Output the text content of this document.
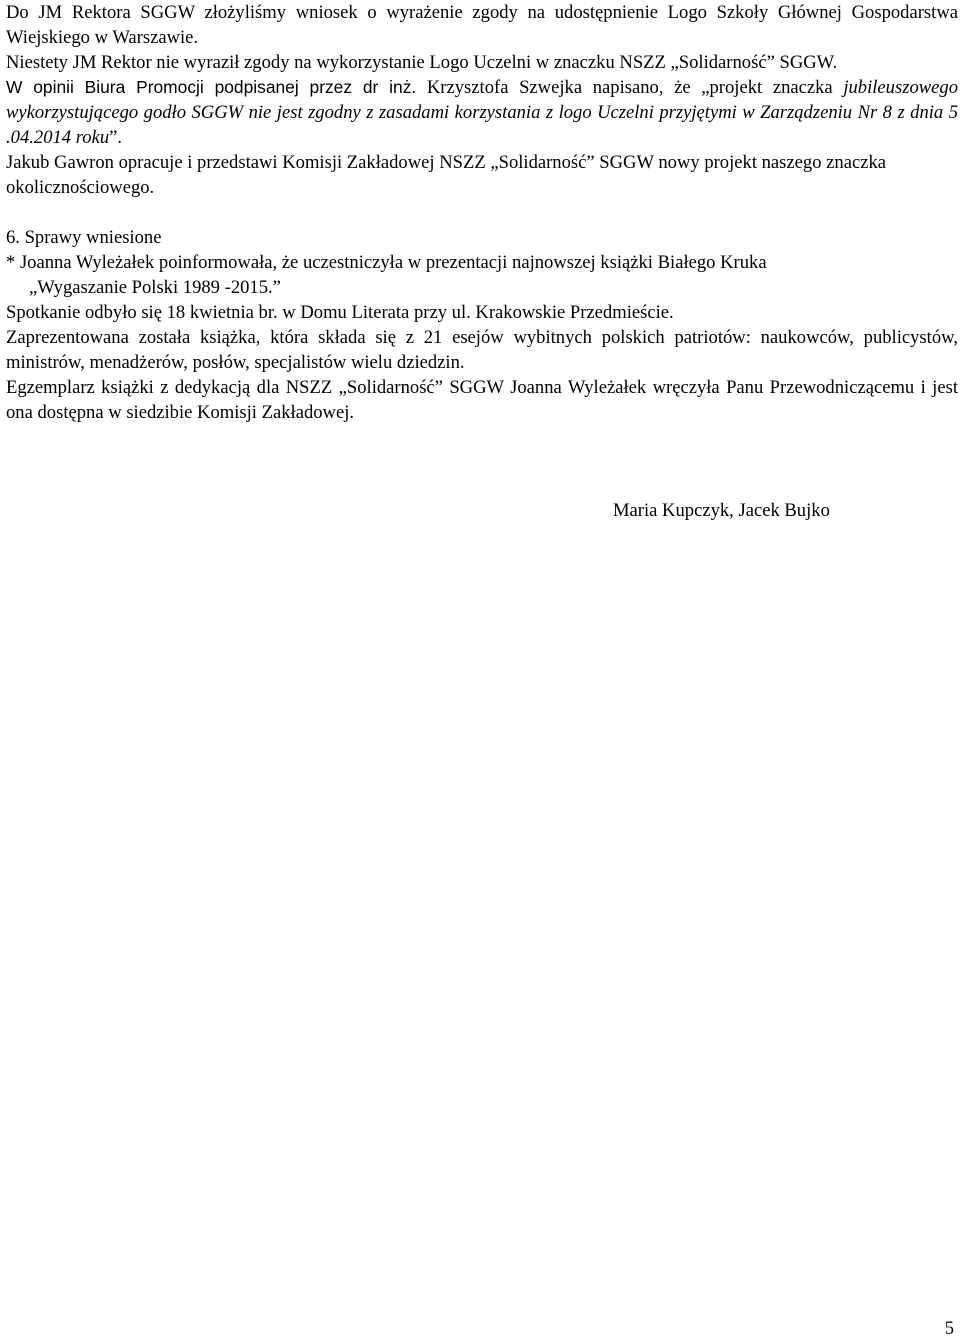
Do JM Rektora SGGW złożyliśmy wniosek o wyrażenie zgody na udostępnienie Logo Szkoły Głównej Gospodarstwa Wiejskiego w Warszawie.

Niestety JM Rektor nie wyraził zgody na wykorzystanie Logo Uczelni w znaczku NSZZ „Solidarność” SGGW.

W opinii Biura Promocji podpisanej przez dr inż. Krzysztofa Szwejka napisano, że „projekt znaczka jubileuszowego wykorzystującego godło SGGW nie jest zgodny z zasadami korzystania z logo Uczelni przyjętymi w Zarządzeniu Nr 8 z dnia 5 .04.2014 roku”.

Jakub Gawron opracuje i przedstawi Komisji Zakładowej NSZZ „Solidarność” SGGW nowy projekt naszego znaczka okolicznościowego.

6. Sprawy wniesione

* Joanna Wyleżałek poinformowała, że uczestniczyła w prezentacji najnowszej książki Białego Kruka

„Wygaszanie Polski 1989 -2015.”

Spotkanie odbyło się 18 kwietnia br. w Domu Literata przy ul. Krakowskie Przedmieście.

Zaprezentowana została książka, która składa się z 21 esejów wybitnych polskich patriotów: naukowców, publicystów, ministrów, menadżerów, posłów, specjalistów wielu dziedzin.

Egzemplarz książki z dedykacją dla NSZZ „Solidarność” SGGW Joanna Wyleżałek wręczyła Panu Przewodniczącemu i jest ona dostępna w siedzibie Komisji Zakładowej.

Maria Kupczyk, Jacek Bujko
5
